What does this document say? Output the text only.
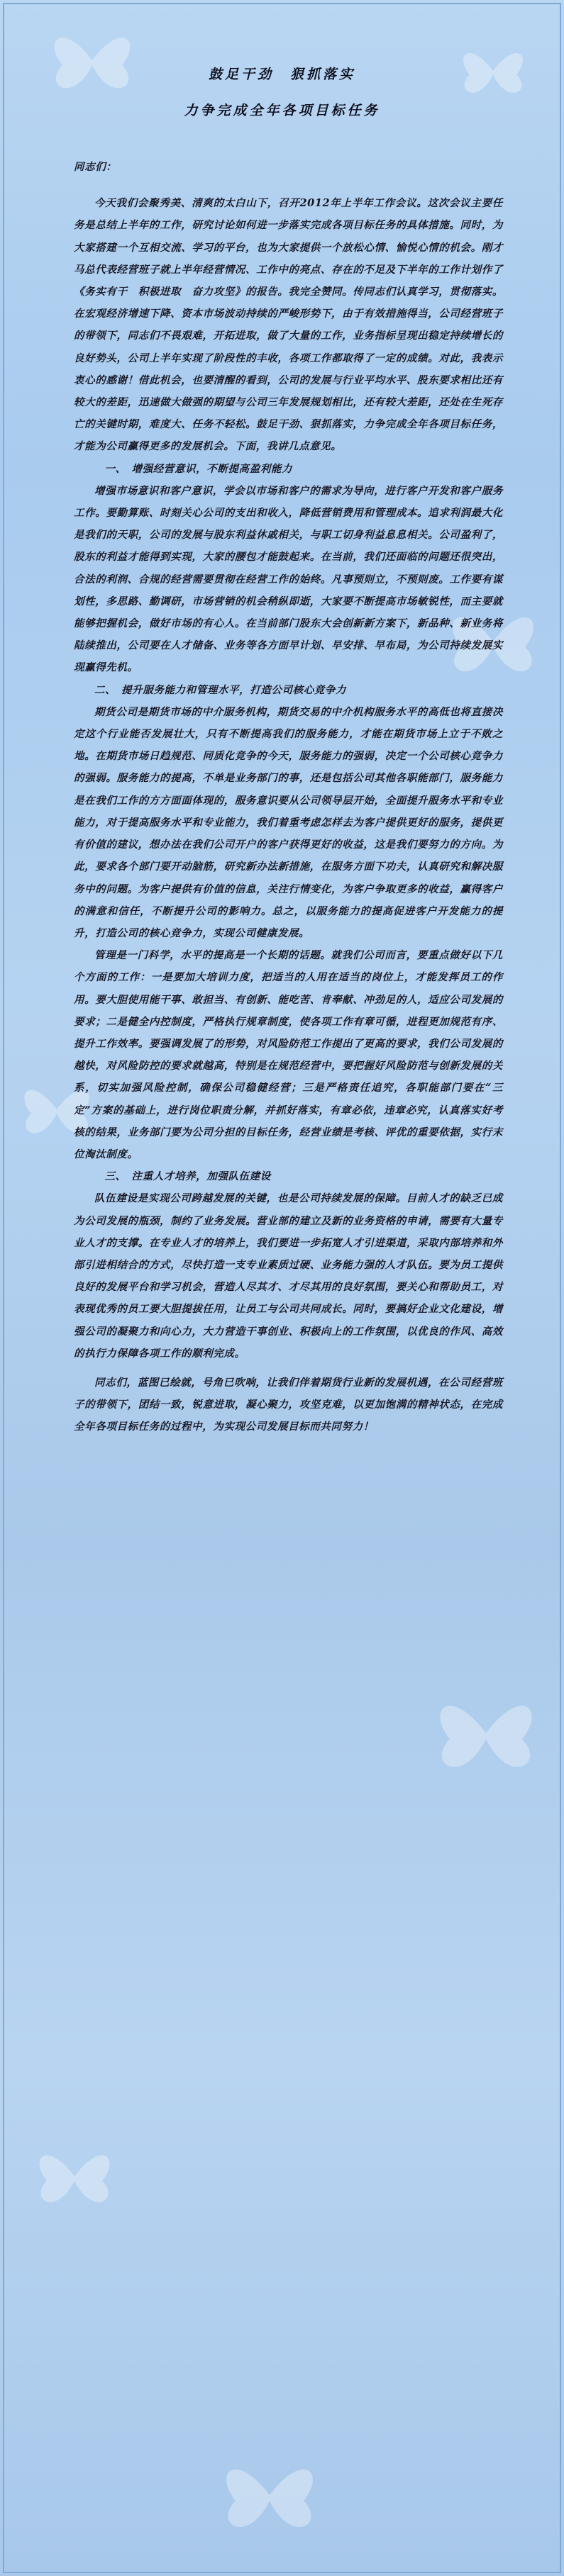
鼓足干劲　狠抓落实
力争完成全年各项目标任务
同志们：

今天我们会聚秀美、清爽的太白山下，召开2012年上半年工作会议。这次会议主要任务是总结上半年的工作，研究讨论如何进一步落实完成各项目标任务的具体措施。同时，为大家搭建一个互相交流、学习的平台，也为大家提供一个放松心情、愉悦心情的机会。刚才马总代表经营班子就上半年经营情况、工作中的亮点、存在的不足及下半年的工作计划作了《务实有干　积极进取　奋力攻坚》的报告。我完全赞同。传同志们认真学习，贯彻落实。在宏观经济增速下降、资本市场波动持续的严峻形势下，由于有效措施得当，公司经营班子的带领下，同志们不畏艰难，开拓进取，做了大量的工作，业务指标呈现出稳定持续增长的良好势头，公司上半年实现了阶段性的丰收，各项工作都取得了一定的成绩。对此，我表示衷心的感谢！借此机会，也要清醒的看到，公司的发展与行业平均水平、股东要求相比还有较大的差距，迅速做大做强的期望与公司三年发展规划相比，还有较大差距，还处在生死存亡的关键时期，难度大、任务不轻松。鼓足干劲、狠抓落实，力争完成全年各项目标任务，才能为公司赢得更多的发展机会。下面，我讲几点意见。

一、　增强经营意识，不断提高盈利能力

增强市场意识和客户意识，学会以市场和客户的需求为导向，进行客户开发和客户服务工作。要勤算账、时刻关心公司的支出和收入，降低营销费用和管理成本。追求利润最大化是我们的天职，公司的发展与股东利益休戚相关，与职工切身利益息息相关。公司盈利了，股东的利益才能得到实现，大家的腰包才能鼓起来。在当前，我们还面临的问题还很突出，合法的利润、合规的经营需要贯彻在经营工作的始终。凡事预则立，不预则废。工作要有谋划性，多思路、勤调研，市场营销的机会稍纵即逝，大家要不断提高市场敏锐性，而主要就能够把握机会，做好市场的有心人。在当前部门股东大会创新新方案下，新品种、新业务将陆续推出，公司要在人才储备、业务等各方面早计划、早安排、早布局，为公司持续发展实现赢得先机。

二、　提升服务能力和管理水平，打造公司核心竞争力

期货公司是期货市场的中介服务机构，期货交易的中介机构服务水平的高低也将直接决定这个行业能否发展壮大，只有不断提高我们的服务能力，才能在期货市场上立于不败之地。在期货市场日趋规范、同质化竞争的今天，服务能力的强弱，决定一个公司核心竞争力的强弱。服务能力的提高，不单是业务部门的事，还是包括公司其他各职能部门，服务能力是在我们工作的方方面面体现的，服务意识要从公司领导层开始，全面提升服务水平和专业能力，对于提高服务水平和专业能力，我们着重考虑怎样去为客户提供更好的服务，提供更有价值的建议，想办法在我们公司开户的客户获得更好的收益，这是我们要努力的方向。为此，要求各个部门要开动脑筋，研究新办法新措施，在服务方面下功夫，认真研究和解决服务中的问题。为客户提供有价值的信息，关注行情变化，为客户争取更多的收益，赢得客户的满意和信任，不断提升公司的影响力。总之，以服务能力的提高促进客户开发能力的提升，打造公司的核心竞争力，实现公司健康发展。

管理是一门科学，水平的提高是一个长期的话题。就我们公司而言，要重点做好以下几个方面的工作：一是要加大培训力度，把适当的人用在适当的岗位上，才能发挥员工的作用。要大胆使用能干事、敢担当、有创新、能吃苦、肯奉献、冲劲足的人，适应公司发展的要求；二是健全内控制度，严格执行规章制度，使各项工作有章可循，进程更加规范有序、提升工作效率。要强调发展了的形势，对风险防范工作提出了更高的要求，我们公司发展的越快，对风险防控的要求就越高，特别是在规范经营中，要把握好风险防范与创新发展的关系，切实加强风险控制，确保公司稳健经营；三是严格责任追究，各职能部门要在“三定”方案的基础上，进行岗位职责分解，并抓好落实，有章必依，违章必究，认真落实好考核的结果，业务部门要为公司分担的目标任务，经营业绩是考核、评优的重要依据，实行末位淘汰制度。

三、　注重人才培养，加强队伍建设

队伍建设是实现公司跨越发展的关键，也是公司持续发展的保障。目前人才的缺乏已成为公司发展的瓶颈，制约了业务发展。营业部的建立及新的业务资格的申请，需要有大量专业人才的支撑。在专业人才的培养上，我们要进一步拓宽人才引进渠道，采取内部培养和外部引进相结合的方式，尽快打造一支专业素质过硬、业务能力强的人才队伍。要为员工提供良好的发展平台和学习机会，营造人尽其才、才尽其用的良好氛围，要关心和帮助员工，对表现优秀的员工要大胆提拔任用，让员工与公司共同成长。同时，要搞好企业文化建设，增强公司的凝聚力和向心力，大力营造干事创业、积极向上的工作氛围，以优良的作风、高效的执行力保障各项工作的顺利完成。

同志们，蓝图已绘就，号角已吹响，让我们伴着期货行业新的发展机遇，在公司经营班子的带领下，团结一致，锐意进取，凝心聚力，攻坚克难，以更加饱满的精神状态，在完成全年各项目标任务的过程中，为实现公司发展目标而共同努力！
